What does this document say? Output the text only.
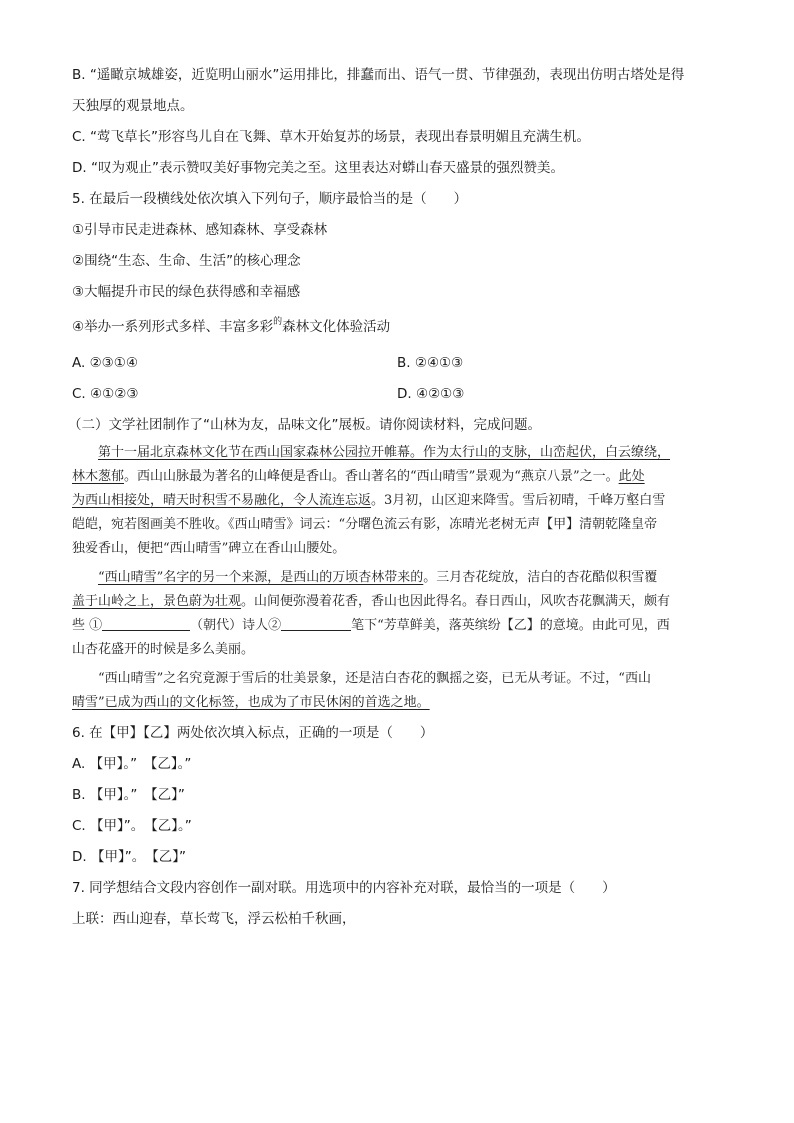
B. “遥瞰京城雄姿，近览明山丽水”运用排比，排蠢而出、语气一贯、节律强劲，表现出仿明古塔处是得

天独厚的观景地点。

C. “莺飞草长”形容鸟儿自在飞舞、草木开始复苏的场景，表现出春景明媚且充满生机。

D. “叹为观止”表示赞叹美好事物完美之至。这里表达对蟒山春天盛景的强烈赞美。

5. 在最后一段横线处依次填入下列句子，顺序最恰当的是（　　）

①引导市民走进森林、感知森林、享受森林

②围绕“生态、生命、生活”的核心理念

③大幅提升市民的绿色获得感和幸福感

④举办一系列形式多样、丰富多彩$^的$森林文化体验活动

A. ②③①④	B. ②④①③
C. ④①②③	D. ④②①③

（二）文学社团制作了“山林为友，品味文化”展板。请你阅读材料，完成问题。

第十一届北京森林文化节在西山国家森林公园拉开帷幕。作为太行山的支脉，山峦起伏，白云缭绕，

林木葱郁。西山山脉最为著名的山峰便是香山。香山著名的“西山晴雪”景观为“燕京八景”之一。此处

为西山相接处，晴天时积雪不易融化，令人流连忘返。3月初，山区迎来降雪。雪后初晴，千峰万壑白雪

皑皑，宛若图画美不胜收。《西山晴雪》词云：“分曙色流云有影，冻晴光老树无声【甲】清朝乾隆皇帝

独爱香山，便把“西山晴雪”碑立在香山山腰处。

“西山晴雪”名字的另一个来源，是西山的万顷杏林带来的。三月杏花绽放，洁白的杏花酷似积雪覆

盖于山岭之上，景色蔚为壮观。山间便弥漫着花香，香山也因此得名。春日西山，风吹杏花飘满天，颇有

些 ①	（朝代）诗人②	笔下“芳草鲜美，落英缤纷【乙】的意境。由此可见，西

山杏花盛开的时候是多么美丽。

“西山晴雪”之名究竟源于雪后的壮美景象，还是洁白杏花的飘摇之姿，已无从考证。不过，“西山

晴雪”已成为西山的文化标签，也成为了市民休闲的首选之地。

6. 在【甲】【乙】两处依次填入标点，正确的一项是（　　）

A. 【甲】。”　【乙】。”

B. 【甲】。”　【乙】”

C. 【甲】”。　【乙】。”

D. 【甲】”。　【乙】”

7. 同学想结合文段内容创作一副对联。用选项中的内容补充对联，最恰当的一项是（　　）

上联：西山迎春，草长莺飞，浮云松柏千秋画，
